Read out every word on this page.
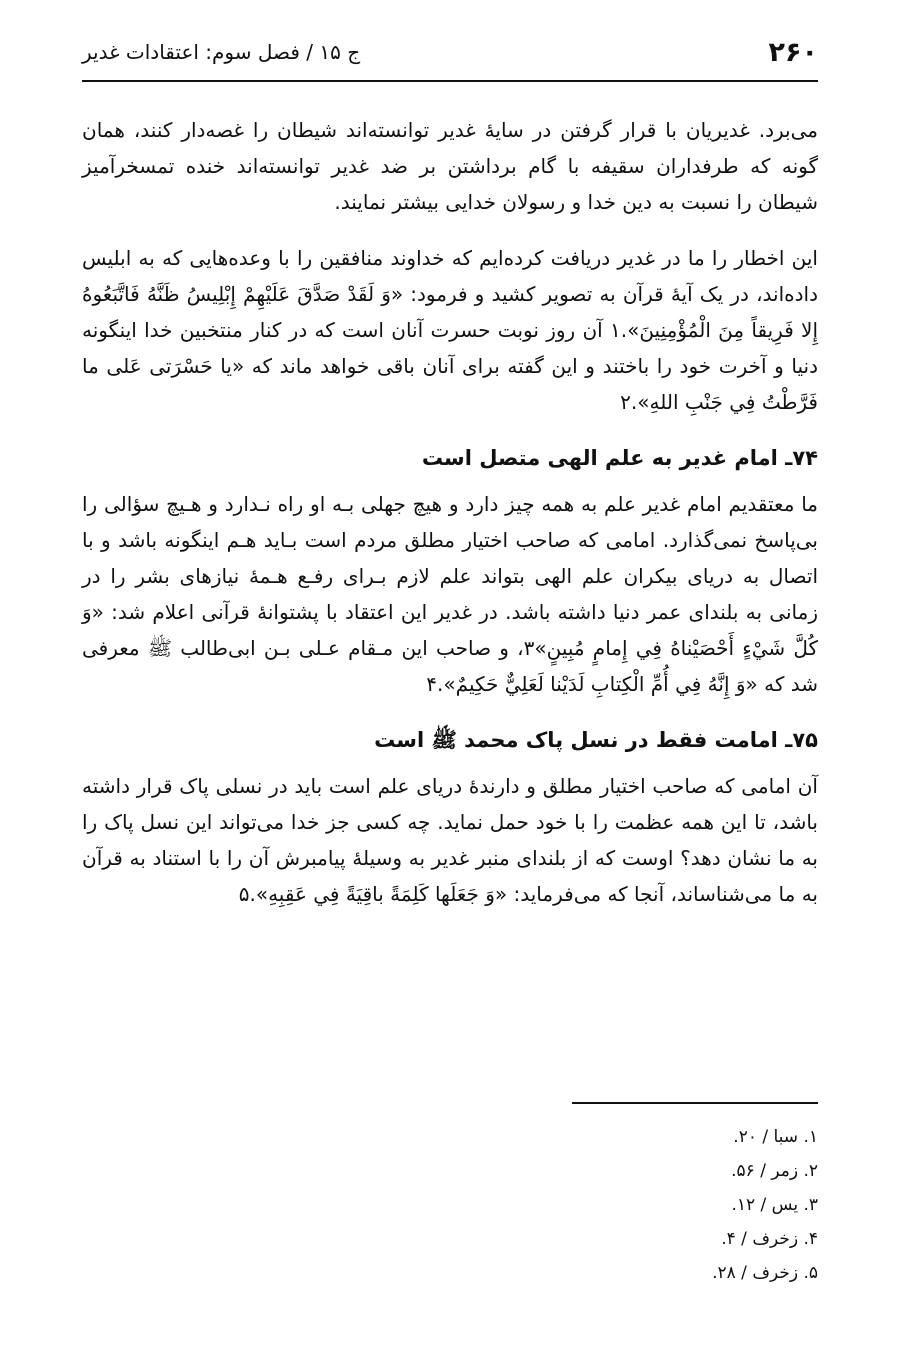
۲۶۰
ج ۱۵ / فصل سوم: اعتقادات غدیر

می‌برد. غدیریان با قرار گرفتن در سایهٔ غدیر توانسته‌اند شیطان را غصه‌دار کنند، همان گونه که طرفداران سقیفه با گام برداشتن بر ضد غدیر توانسته‌اند خنده تمسخرآمیز شیطان را نسبت به دین خدا و رسولان خدایی بیشتر نمایند.

این اخطار را ما در غدیر دریافت کرده‌ایم که خداوند منافقین را با وعده‌هایی که به ابلیس داده‌اند، در یک آیهٔ قرآن به تصویر کشید و فرمود: «وَ لَقَدْ صَدَّقَ عَلَيْهِمْ إِبْلِيسُ ظَنَّهُ فَاتَّبَعُوهُ إِلا فَرِيقاً مِنَ الْمُؤْمِنِينَ».۱ آن روز نوبت حسرت آنان است که در کنار منتخبین خدا اینگونه دنیا و آخرت خود را باختند و این گفته برای آنان باقی خواهد ماند که «يا حَسْرَتى عَلى ما فَرَّطْتُ فِي جَنْبِ اللهِ».۲

۷۴ـ امام غدیر به علم الهی متصل است

ما معتقدیم امام غدیر علم به همه چیز دارد و هیچ جهلی بـه او راه نـدارد و هـیچ سؤالی را بی‌پاسخ نمی‌گذارد. امامی که صاحب اختیار مطلق مردم است بـاید هـم اینگونه باشد و با اتصال به دریای بیکران علم الهی بتواند علم لازم بـرای رفـع هـمهٔ نیازهای بشر را در زمانی به بلندای عمر دنیا داشته باشد. در غدیر این اعتقاد با پشتوانهٔ قرآنی اعلام شد: «وَ كُلَّ شَيْءٍ أَحْصَيْناهُ فِي إِمامٍ مُبِينٍ»۳، و صاحب این مـقام عـلی بـن ابی‌طالب ﷺ معرفی شد که «وَ إِنَّهُ فِي أُمِّ الْكِتابِ لَدَيْنا لَعَلِيٌّ حَكِيمٌ».۴

۷۵ـ امامت فقط در نسل پاک محمد ﷺ است

آن امامی که صاحب اختیار مطلق و دارندهٔ دریای علم است باید در نسلی پاک قرار داشته باشد، تا این همه عظمت را با خود حمل نماید. چه کسی جز خدا می‌تواند این نسل پاک را به ما نشان دهد؟ اوست که از بلندای منبر غدیر به وسیلهٔ پیامبرش آن را با استناد به قرآن به ما می‌شناساند، آنجا که می‌فرماید: «وَ جَعَلَها كَلِمَةً باقِيَةً فِي عَقِبِهِ».۵

۱. سبا / ۲۰.
۲. زمر / ۵۶.
۳. یس / ۱۲.
۴. زخرف / ۴.
۵. زخرف / ۲۸.
